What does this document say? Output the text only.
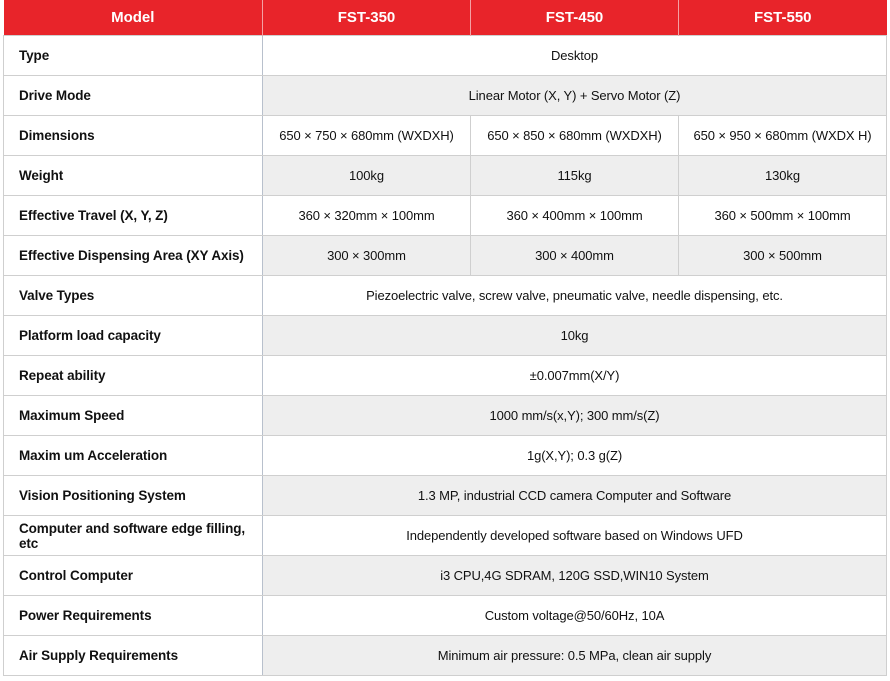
Model	FST-350	FST-450	FST-550
Type	Desktop		
Drive Mode	Linear Motor (X, Y) + Servo Motor (Z)		
Dimensions	650 × 750 × 680mm (WXDXH)	650 × 850 × 680mm (WXDXH)	650 × 950 × 680mm (WXDX H)
Weight	100kg	115kg	130kg
Effective Travel (X, Y, Z)	360 × 320mm × 100mm	360 × 400mm × 100mm	360 × 500mm × 100mm
Effective Dispensing Area (XY Axis)	300 × 300mm	300 × 400mm	300 × 500mm
Valve Types	Piezoelectric valve, screw valve, pneumatic valve, needle dispensing, etc.		
Platform load capacity	10kg		
Repeat ability	±0.007mm(X/Y)		
Maximum Speed	1000 mm/s(x,Y); 300 mm/s(Z)		
Maxim um Acceleration	1g(X,Y); 0.3 g(Z)		
Vision Positioning System	1.3 MP, industrial CCD camera Computer and Software		
Computer and software edge filling, etc	Independently developed software based on Windows UFD		
Control Computer	i3 CPU,4G SDRAM, 120G SSD,WIN10 System		
Power Requirements	Custom voltage@50/60Hz, 10A		
Air Supply Requirements	Minimum air pressure: 0.5 MPa, clean air supply		
